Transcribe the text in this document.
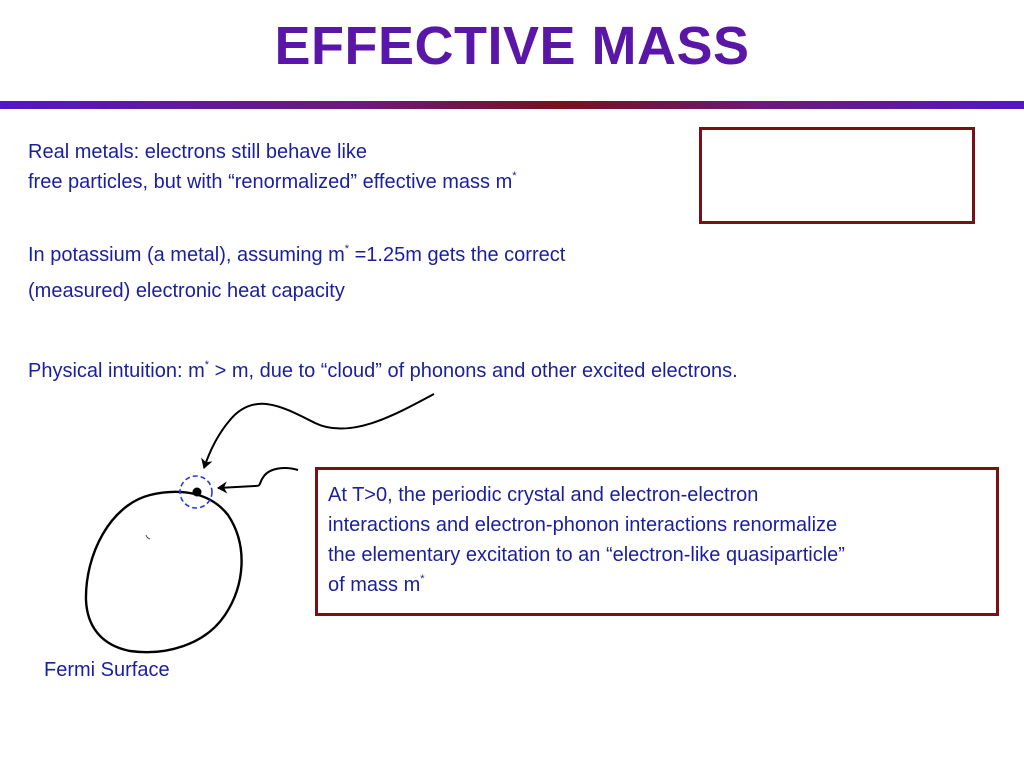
EFFECTIVE MASS
Real metals: electrons still behave like
free particles, but with “renormalized” effective mass m*
In potassium (a metal), assuming m* =1.25m gets the correct
(measured) electronic heat capacity
Physical intuition: m* > m, due to “cloud” of phonons and other excited electrons.
At T>0, the periodic crystal and electron-electron
interactions and electron-phonon interactions renormalize
the elementary excitation to an “electron-like quasiparticle”
of mass m*
Fermi Surface
